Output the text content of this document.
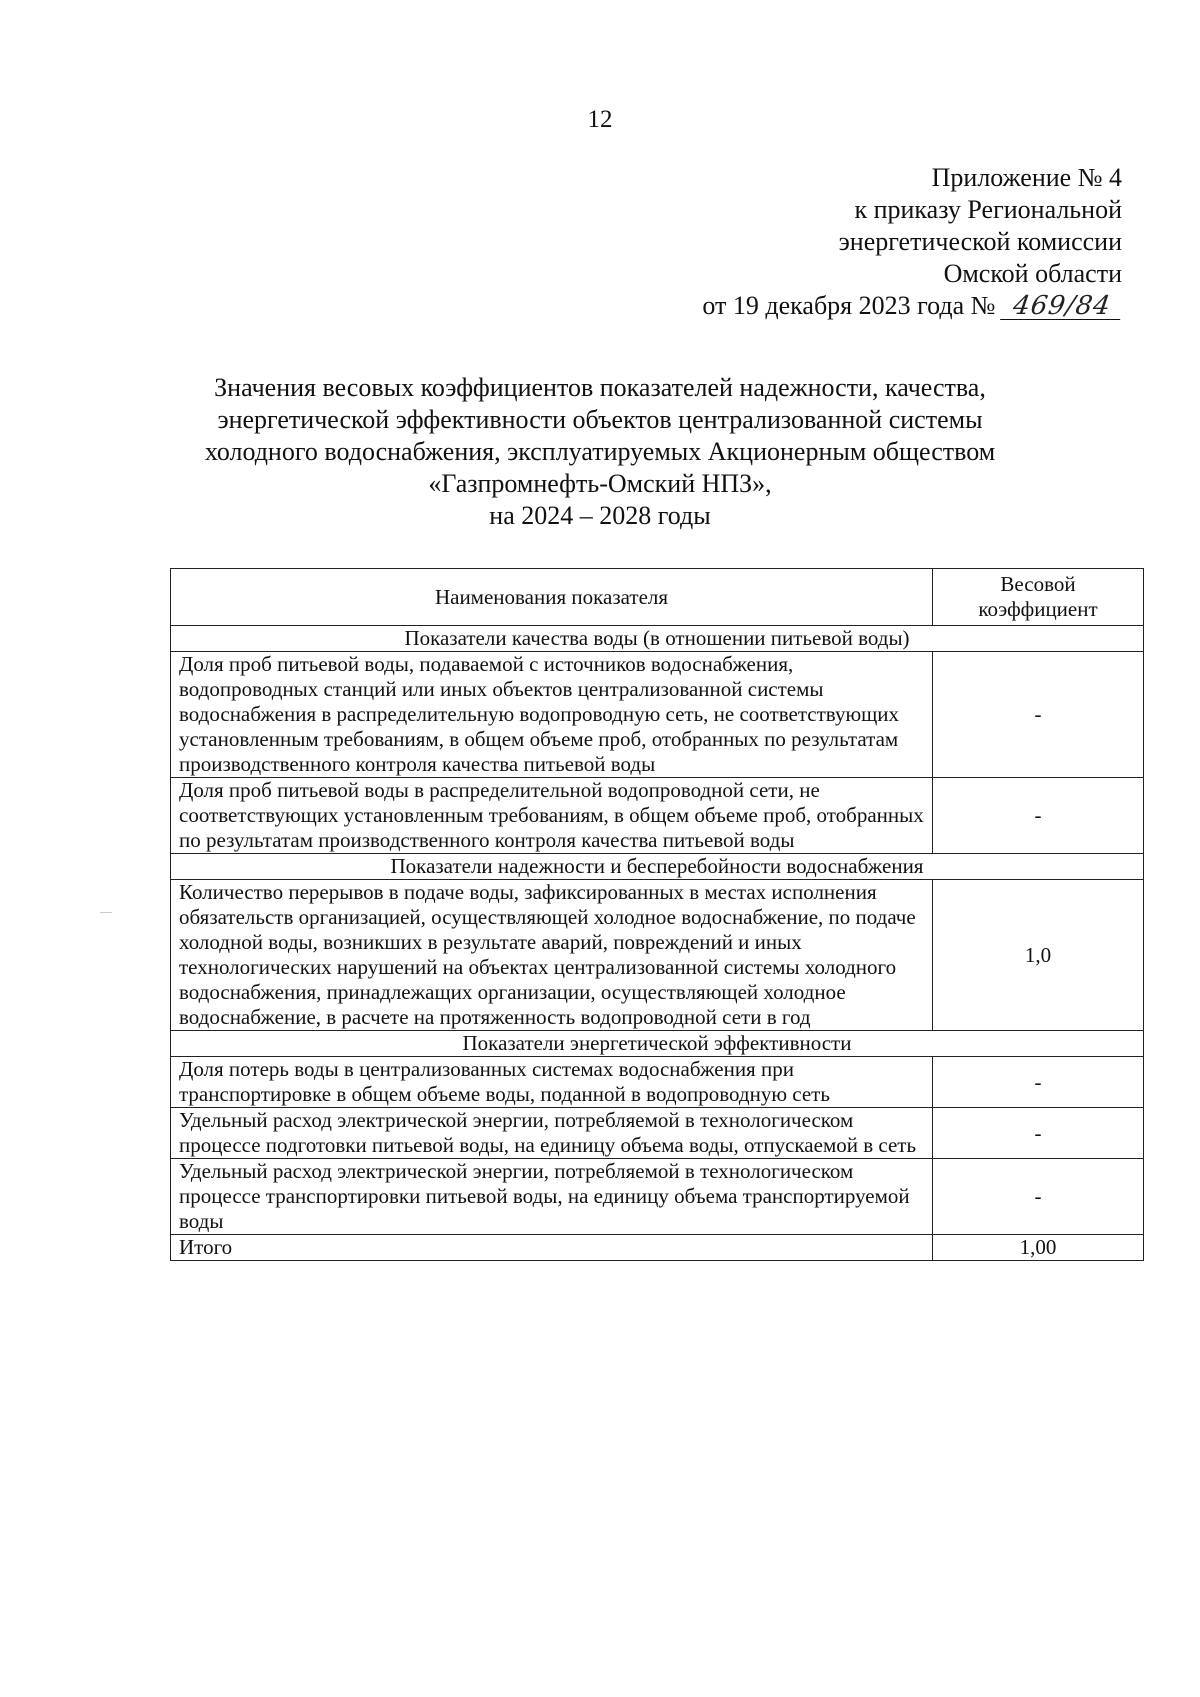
12
Приложение № 4
к приказу Региональной
энергетической комиссии
Омской области
от 19 декабря 2023 года № 469/84
Значения весовых коэффициентов показателей надежности, качества,
энергетической эффективности объектов централизованной системы
холодного водоснабжения, эксплуатируемых Акционерным обществом
«Газпромнефть-Омский НПЗ»,
на 2024 – 2028 годы
Наименования показателя	Весовой коэффициент
Показатели качества воды (в отношении питьевой воды)	
Доля проб питьевой воды, подаваемой с источников водоснабжения, водопроводных станций или иных объектов централизованной системы водоснабжения в распределительную водопроводную сеть, не соответствующих установленным требованиям, в общем объеме проб, отобранных по результатам производственного контроля качества питьевой воды	-
Доля проб питьевой воды в распределительной водопроводной сети, не соответствующих установленным требованиям, в общем объеме проб, отобранных по результатам производственного контроля качества питьевой воды	-
Показатели надежности и бесперебойности водоснабжения	
Количество перерывов в подаче воды, зафиксированных в местах исполнения обязательств организацией, осуществляющей холодное водоснабжение, по подаче холодной воды, возникших в результате аварий, повреждений и иных технологических нарушений на объектах централизованной системы холодного водоснабжения, принадлежащих организации, осуществляющей холодное водоснабжение, в расчете на протяженность водопроводной сети в год	1,0
Показатели энергетической эффективности	
Доля потерь воды в централизованных системах водоснабжения при транспортировке в общем объеме воды, поданной в водопроводную сеть	-
Удельный расход электрической энергии, потребляемой в технологическом процессе подготовки питьевой воды, на единицу объема воды, отпускаемой в сеть	-
Удельный расход электрической энергии, потребляемой в технологическом процессе транспортировки питьевой воды, на единицу объема транспортируемой воды	-
Итого	1,00
